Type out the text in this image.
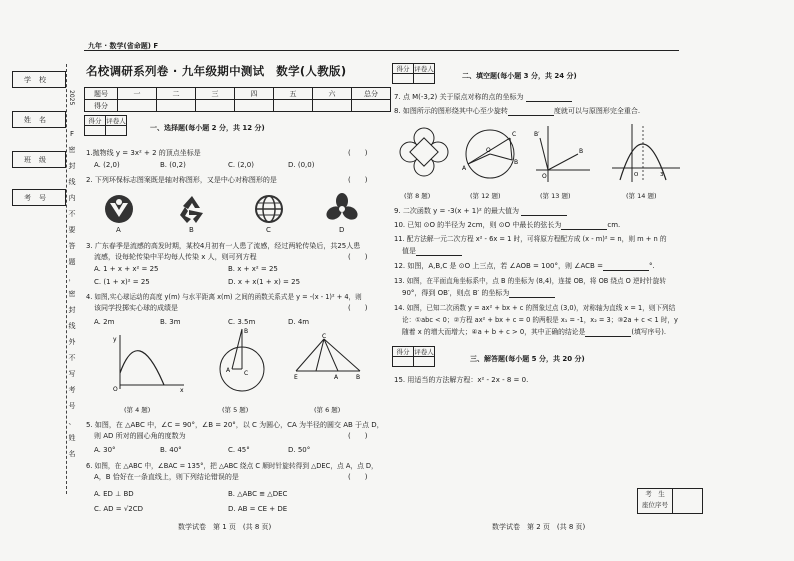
九年 · 数学(省命题) F
学校
姓名
班级
考号
2025
F
密
封
线
内
不
要
答
题
，
密
封
线
外
不
写
考
号
、
姓
名
名校调研系列卷 · 九年级期中测试　数学(人教版)
题号	一	二	三	四	五	六	总分
得分							
得分	评卷人

一、选择题(每小题 2 分，共 12 分)
1.抛物线 y = 3x² + 2 的顶点坐标是	(　　)
A. (2,0)	B. (0,2)	C. (2,0)	D. (0,0)
2. 下列环保标志图案既是轴对称图形，又是中心对称图形的是	(　　)
A	B	C	D
3. 广东春季是流感的高发时期，某校4月初有一人患了流感，经过两轮传染后，共25人患
流感，设每轮传染中平均每人传染 x 人，则可列方程	(　　)
A. 1 + x + x² = 25	B. x + x² = 25
C. (1 + x)² = 25	D. x + x(1 + x) = 25
4. 如图,实心球运动的高度 y(m) 与水平距离 x(m) 之间的函数关系式是 y = -(x - 1)² + 4，则
该同学投掷实心球的成绩是	(　　)
A. 2m	B. 3m	C. 3.5m	D. 4m
y
x
O
B
A C
C
E	B
A
(第 4 题)	(第 5 题)	(第 6 题)
5. 如图，在 △ABC 中，∠C = 90°，∠B = 20°，以 C 为圆心，CA 为半径的圆交 AB 于点 D，
则 AD 所对的圆心角的度数为	(　　)
A. 30°	B. 40°	C. 45°	D. 50°
6. 如图，在 △ABC 中，∠BAC = 135°，把 △ABC 绕点 C 顺时针旋转得到 △DEC，点 A，点 D，
A，B 恰好在一条直线上，则下列结论错误的是	(　　)
A. ED ⊥ BD	B. △ABC ≌ △DEC
C. AD = √2CD	D. AB = CE + DE
数学试卷　第 1 页　(共 8 页)
得分	评卷人

二、填空题(每小题 3 分，共 24 分)
7. 点 M(-3,2) 关于原点对称的点的坐标为
8. 如图所示的图形绕其中心至少旋转	度就可以与原图形完全重合.
A
C
B
O
B′
B
O	O	3
(第 8 题)	(第 12 题)	(第 13 题)	(第 14 题)
9. 二次函数 y = -3(x + 1)² 的最大值为
10. 已知 ⊙O 的半径为 2cm，则 ⊙O 中最长的弦长为	cm.
11. 配方法解一元二次方程 x² - 6x = 1 时，可将原方程配方成 (x - m)² = n，则 m + n 的
值是
12. 如图，A,B,C 是 ⊙O 上三点，若 ∠AOB = 100°，则 ∠ACB =	°.
13. 如图，在平面直角坐标系中，点 B 的坐标为 (8,4)，连接 OB，将 OB 绕点 O 逆时针旋转
90°，得到 OB′，则点 B′ 的坐标为
14. 如图，已知二次函数 y = ax² + bx + c 的图象过点 (3,0)，对称轴为直线 x = 1，则下列结
论：①abc < 0；②方程 ax² + bx + c = 0 的两根是 x₁ = -1，x₂ = 3；③2a + c < 1 时，y
随着 x 的增大而增大；④a + b + c > 0，其中正确的结论是	(填写序号).
得分	评卷人

三、解答题(每小题 5 分，共 20 分)
15. 用适当的方法解方程：x² - 2x - 8 = 0.
考　生
座位序号
数学试卷　第 2 页　(共 8 页)
